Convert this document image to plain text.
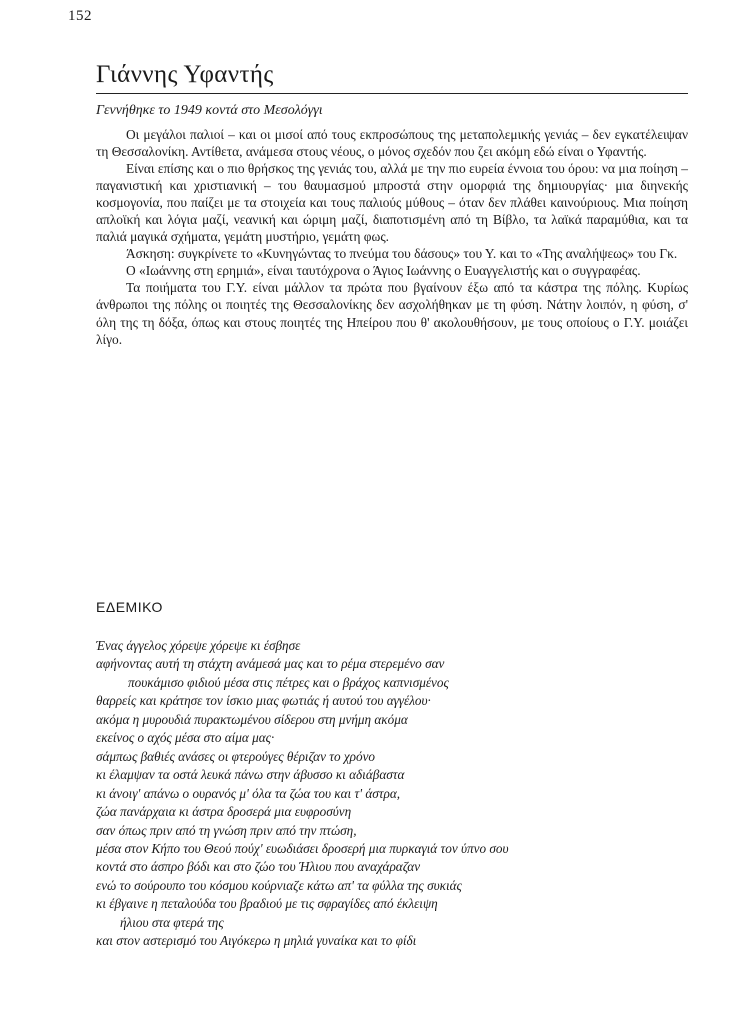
152
Γιάννης Υφαντής
Γεννήθηκε το 1949 κοντά στο Μεσολόγγι

Οι μεγάλοι παλιοί – και οι μισοί από τους εκπροσώπους της μεταπολεμικής γενιάς – δεν εγκατέλειψαν τη Θεσσαλονίκη. Αντίθετα, ανάμεσα στους νέους, ο μόνος σχεδόν που ζει ακόμη εδώ είναι ο Υφαντής.

Είναι επίσης και ο πιο θρήσκος της γενιάς του, αλλά με την πιο ευρεία έννοια του όρου: να μια ποίηση – παγανιστική και χριστιανική – του θαυμασμού μπροστά στην ομορφιά της δημιουργίας· μια διηνεκής κοσμογονία, που παίζει με τα στοιχεία και τους παλιούς μύθους – όταν δεν πλάθει καινούριους. Μια ποίηση απλοϊκή και λόγια μαζί, νεανική και ώριμη μαζί, διαποτισμένη από τη Βίβλο, τα λαϊκά παραμύθια, και τα παλιά μαγικά σχήματα, γεμάτη μυστήριο, γεμάτη φως.

Άσκηση: συγκρίνετε το «Κυνηγώντας το πνεύμα του δάσους» του Υ. και το «Της αναλήψεως» του Γκ.

Ο «Ιωάννης στη ερημιά», είναι ταυτόχρονα ο Άγιος Ιωάννης ο Ευαγγελιστής και ο συγγραφέας.

Τα ποιήματα του Γ.Υ. είναι μάλλον τα πρώτα που βγαίνουν έξω από τα κάστρα της πόλης. Κυρίως άνθρωποι της πόλης οι ποιητές της Θεσσαλονίκης δεν ασχολήθηκαν με τη φύση. Νάτην λοιπόν, η φύση, σ' όλη της τη δόξα, όπως και στους ποιητές της Ηπείρου που θ' ακολουθήσουν, με τους οποίους ο Γ.Υ. μοιάζει λίγο.

ΕΔΕΜΙΚΟ
Ένας άγγελος χόρεψε χόρεψε κι έσβησε
αφήνοντας αυτή τη στάχτη ανάμεσά μας και το ρέμα στερεμένο σαν
πουκάμισο φιδιού μέσα στις πέτρες και ο βράχος καπνισμένος
θαρρείς και κράτησε τον ίσκιο μιας φωτιάς ή αυτού του αγγέλου·
ακόμα η μυρουδιά πυρακτωμένου σίδερου στη μνήμη ακόμα
εκείνος ο αχός μέσα στο αίμα μας·
σάμπως βαθιές ανάσες οι φτερούγες θέριζαν το χρόνο
κι έλαμψαν τα οστά λευκά πάνω στην άβυσσο κι αδιάβαστα
κι άνοιγ' απάνω ο ουρανός μ' όλα τα ζώα του και τ' άστρα,
ζώα πανάρχαια κι άστρα δροσερά μια ευφροσύνη
σαν όπως πριν από τη γνώση πριν από την πτώση,
μέσα στον Κήπο του Θεού πούχ' ευωδιάσει δροσερή μια πυρκαγιά τον ύπνο σου
κοντά στο άσπρο βόδι και στο ζώο του Ήλιου που αναχάραζαν
ενώ το σούρουπο του κόσμου κούρνιαζε κάτω απ' τα φύλλα της συκιάς
κι έβγαινε η πεταλούδα του βραδιού με τις σφραγίδες από έκλειψη
ήλιου στα φτερά της
και στον αστερισμό του Αιγόκερω η μηλιά γυναίκα και το φίδι
